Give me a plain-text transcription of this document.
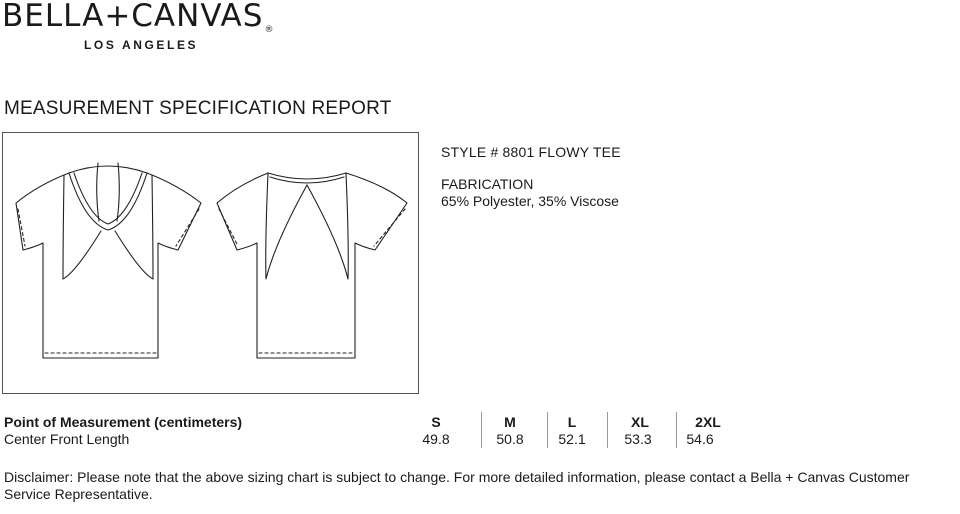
BELLA+CANVAS®
LOS ANGELES
MEASUREMENT SPECIFICATION REPORT
STYLE # 8801 FLOWY TEE
FABRICATION
65% Polyester, 35% Viscose
Point of Measurement (centimeters)	S	M	L	XL	2XL
Center Front Length	49.8	50.8	52.1	53.3	54.6
Disclaimer: Please note that the above sizing chart is subject to change. For more detailed information, please contact a Bella + Canvas Customer Service Representative.
